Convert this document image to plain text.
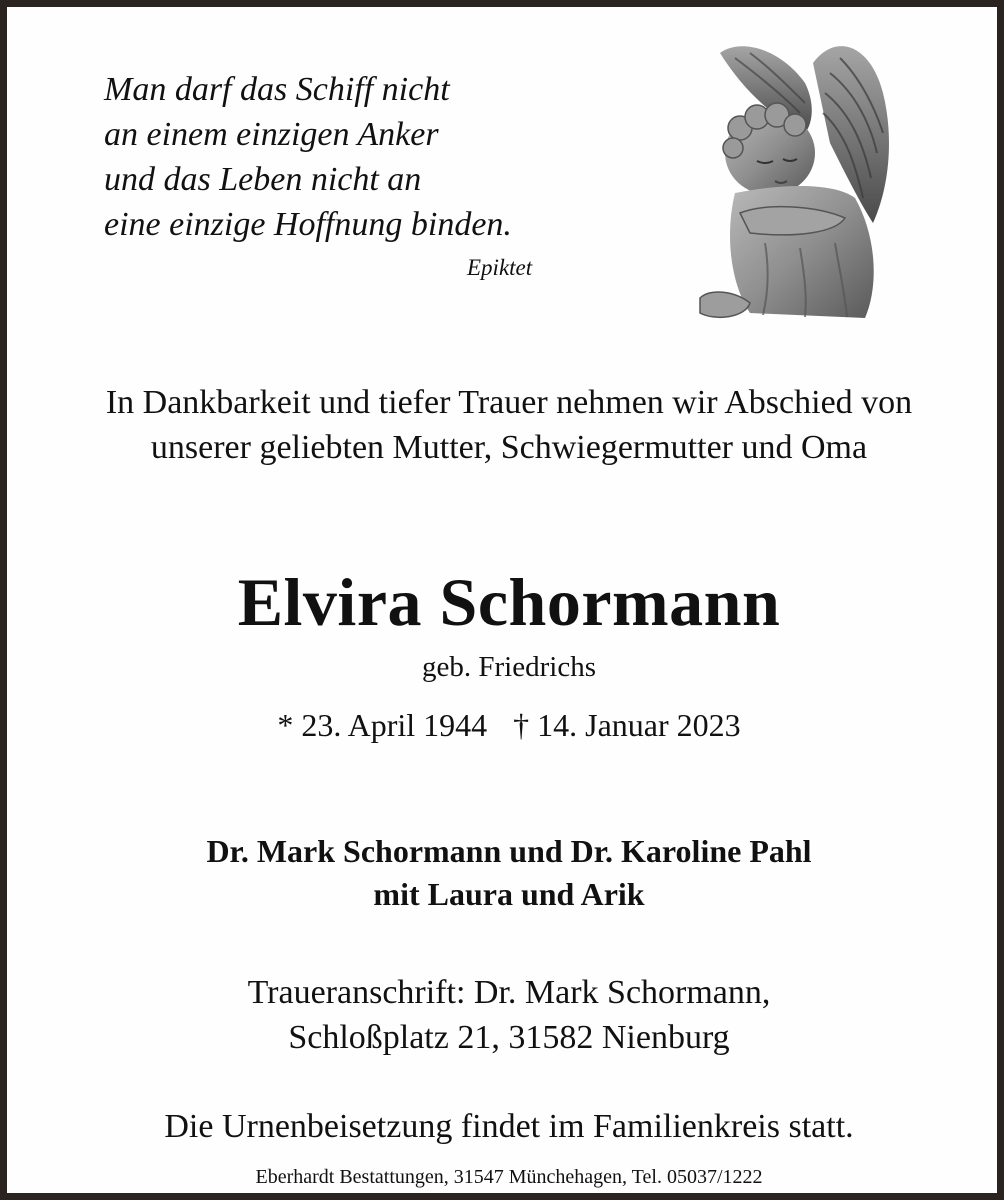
Man darf das Schiff nicht
an einem einzigen Anker
und das Leben nicht an
eine einzige Hoffnung binden.
Epiktet
In Dankbarkeit und tiefer Trauer nehmen wir Abschied von
unserer geliebten Mutter, Schwiegermutter und Oma
Elvira Schormann
geb. Friedrichs
* 23. April 1944 † 14. Januar 2023
Dr. Mark Schormann und Dr. Karoline Pahl
mit Laura und Arik
Traueranschrift: Dr. Mark Schormann,
Schloßplatz 21, 31582 Nienburg
Die Urnenbeisetzung findet im Familienkreis statt.
Eberhardt Bestattungen, 31547 Münchehagen, Tel. 05037/1222
